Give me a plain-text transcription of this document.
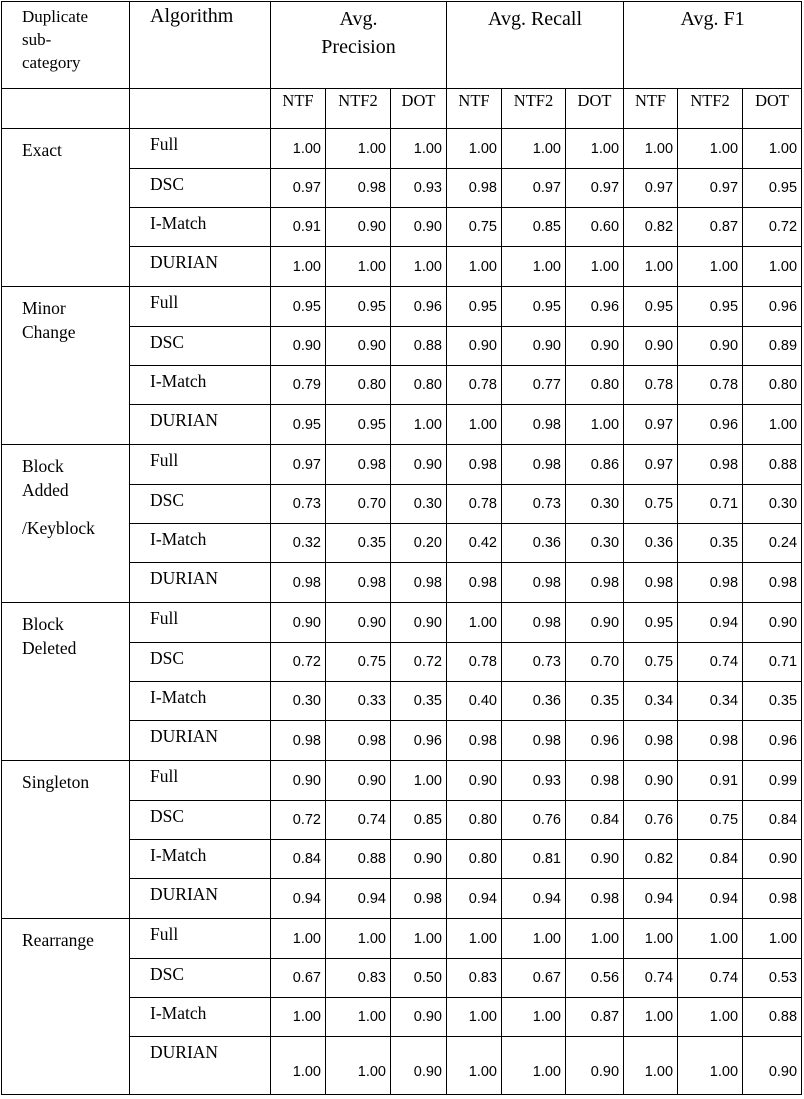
Duplicate
sub-
category	Algorithm	Avg. Precision			Avg. Recall			Avg. F1		
		NTF	NTF2	DOT	NTF	NTF2	DOT	NTF	NTF2	DOT

Exact	Full	1.00	1.00	1.00	1.00	1.00	1.00	1.00	1.00	1.00
	DSC	0.97	0.98	0.93	0.98	0.97	0.97	0.97	0.97	0.95
	I-Match	0.91	0.90	0.90	0.75	0.85	0.60	0.82	0.87	0.72
	DURIAN	1.00	1.00	1.00	1.00	1.00	1.00	1.00	1.00	1.00

Minor Change	Full	0.95	0.95	0.96	0.95	0.95	0.96	0.95	0.95	0.96
	DSC	0.90	0.90	0.88	0.90	0.90	0.90	0.90	0.90	0.89
	I-Match	0.79	0.80	0.80	0.78	0.77	0.80	0.78	0.78	0.80
	DURIAN	0.95	0.95	1.00	1.00	0.98	1.00	0.97	0.96	1.00

Block Added
/Keyblock	Full	0.97	0.98	0.90	0.98	0.98	0.86	0.97	0.98	0.88
	DSC	0.73	0.70	0.30	0.78	0.73	0.30	0.75	0.71	0.30
	I-Match	0.32	0.35	0.20	0.42	0.36	0.30	0.36	0.35	0.24
	DURIAN	0.98	0.98	0.98	0.98	0.98	0.98	0.98	0.98	0.98

Block Deleted	Full	0.90	0.90	0.90	1.00	0.98	0.90	0.95	0.94	0.90
	DSC	0.72	0.75	0.72	0.78	0.73	0.70	0.75	0.74	0.71
	I-Match	0.30	0.33	0.35	0.40	0.36	0.35	0.34	0.34	0.35
	DURIAN	0.98	0.98	0.96	0.98	0.98	0.96	0.98	0.98	0.96

Singleton	Full	0.90	0.90	1.00	0.90	0.93	0.98	0.90	0.91	0.99
	DSC	0.72	0.74	0.85	0.80	0.76	0.84	0.76	0.75	0.84
	I-Match	0.84	0.88	0.90	0.80	0.81	0.90	0.82	0.84	0.90
	DURIAN	0.94	0.94	0.98	0.94	0.94	0.98	0.94	0.94	0.98

Rearrange	Full	1.00	1.00	1.00	1.00	1.00	1.00	1.00	1.00	1.00
	DSC	0.67	0.83	0.50	0.83	0.67	0.56	0.74	0.74	0.53
	I-Match	1.00	1.00	0.90	1.00	1.00	0.87	1.00	1.00	0.88
	DURIAN	1.00	1.00	0.90	1.00	1.00	0.90	1.00	1.00	0.90
